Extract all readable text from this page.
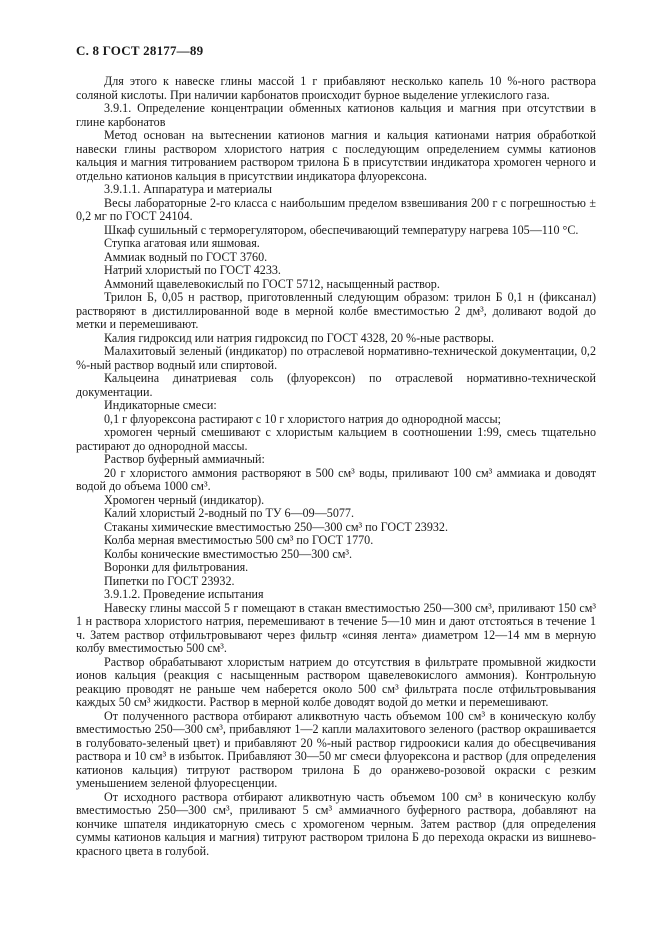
С. 8 ГОСТ 28177—89

Для этого к навеске глины массой 1 г прибавляют несколько капель 10 %-ного раствора соляной кислоты. При наличии карбонатов происходит бурное выделение углекислого газа.

3.9.1. Определение концентрации обменных катионов кальция и магния при отсутствии в глине карбонатов

Метод основан на вытеснении катионов магния и кальция катионами натрия обработкой навески глины раствором хлористого натрия с последующим определением суммы катионов кальция и магния титрованием раствором трилона Б в присутствии индикатора хромоген черного и отдельно катионов кальция в присутствии индикатора флуорексона.

3.9.1.1. Аппаратура и материалы

Весы лабораторные 2-го класса с наибольшим пределом взвешивания 200 г с погрешностью ± 0,2 мг по ГОСТ 24104.

Шкаф сушильный с терморегулятором, обеспечивающий температуру нагрева 105—110 °С.

Ступка агатовая или яшмовая.

Аммиак водный по ГОСТ 3760.

Натрий хлористый по ГОСТ 4233.

Аммоний щавелевокислый по ГОСТ 5712, насыщенный раствор.

Трилон Б, 0,05 н раствор, приготовленный следующим образом: трилон Б 0,1 н (фиксанал) растворяют в дистиллированной воде в мерной колбе вместимостью 2 дм³, доливают водой до метки и перемешивают.

Калия гидроксид или натрия гидроксид по ГОСТ 4328, 20 %-ные растворы.

Малахитовый зеленый (индикатор) по отраслевой нормативно-технической документации, 0,2 %-ный раствор водный или спиртовой.

Кальцеина динатриевая соль (флуорексон) по отраслевой нормативно-технической документации.

Индикаторные смеси:

0,1 г флуорексона растирают с 10 г хлористого натрия до однородной массы;

хромоген черный смешивают с хлористым кальцием в соотношении 1:99, смесь тщательно растирают до однородной массы.

Раствор буферный аммиачный:

20 г хлористого аммония растворяют в 500 см³ воды, приливают 100 см³ аммиака и доводят водой до объема 1000 см³.

Хромоген черный (индикатор).

Калий хлористый 2-водный по ТУ 6—09—5077.

Стаканы химические вместимостью 250—300 см³ по ГОСТ 23932.

Колба мерная вместимостью 500 см³ по ГОСТ 1770.

Колбы конические вместимостью 250—300 см³.

Воронки для фильтрования.

Пипетки по ГОСТ 23932.

3.9.1.2. Проведение испытания

Навеску глины массой 5 г помещают в стакан вместимостью 250—300 см³, приливают 150 см³ 1 н раствора хлористого натрия, перемешивают в течение 5—10 мин и дают отстояться в течение 1 ч. Затем раствор отфильтровывают через фильтр «синяя лента» диаметром 12—14 мм в мерную колбу вместимостью 500 см³.

Раствор обрабатывают хлористым натрием до отсутствия в фильтрате промывной жидкости ионов кальция (реакция с насыщенным раствором щавелевокислого аммония). Контрольную реакцию проводят не раньше чем наберется около 500 см³ фильтрата после отфильтровывания каждых 50 см³ жидкости. Раствор в мерной колбе доводят водой до метки и перемешивают.

От полученного раствора отбирают аликвотную часть объемом 100 см³ в коническую колбу вместимостью 250—300 см³, прибавляют 1—2 капли малахитового зеленого (раствор окрашивается в голубовато-зеленый цвет) и прибавляют 20 %-ный раствор гидроокиси калия до обесцвечивания раствора и 10 см³ в избыток. Прибавляют 30—50 мг смеси флуорексона и раствор (для определения катионов кальция) титруют раствором трилона Б до оранжево-розовой окраски с резким уменьшением зеленой флуоресценции.

От исходного раствора отбирают аликвотную часть объемом 100 см³ в коническую колбу вместимостью 250—300 см³, приливают 5 см³ аммиачного буферного раствора, добавляют на кончике шпателя индикаторную смесь с хромогеном черным. Затем раствор (для определения суммы катионов кальция и магния) титруют раствором трилона Б до перехода окраски из вишнево-красного цвета в голубой.
